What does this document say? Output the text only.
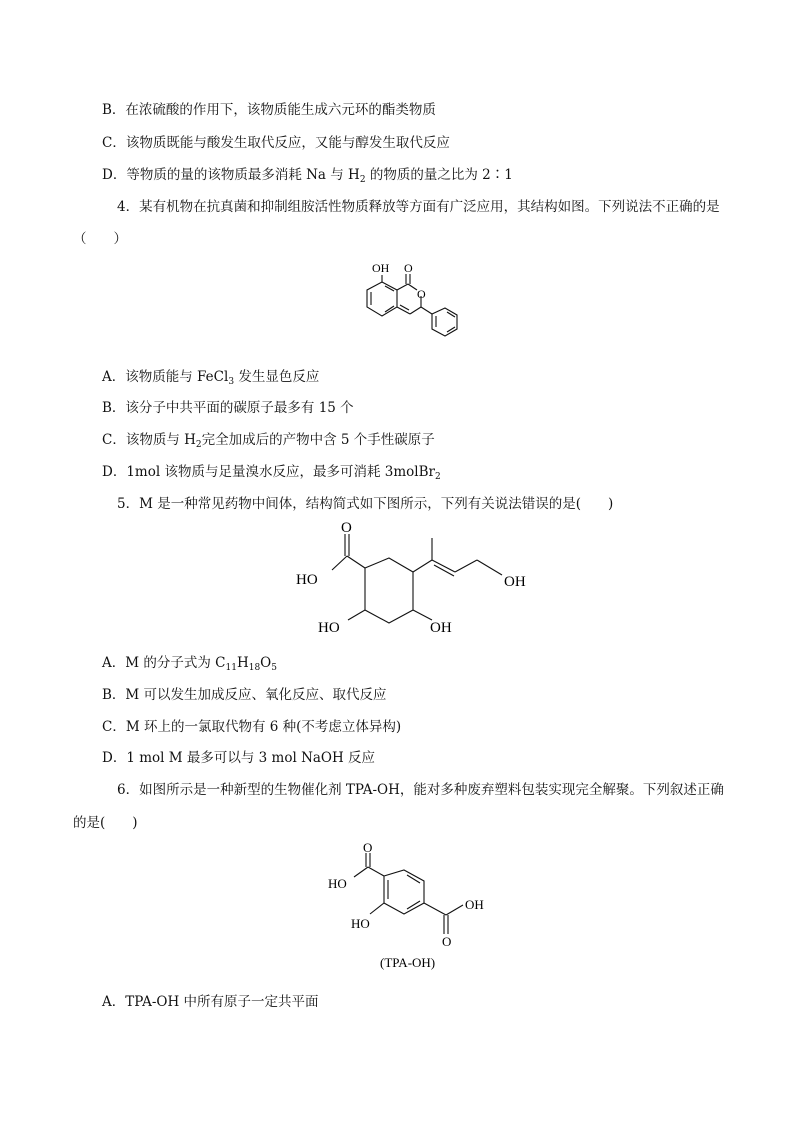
B．在浓硫酸的作用下，该物质能生成六元环的酯类物质
C．该物质既能与酸发生取代反应，又能与醇发生取代反应
D．等物质的量的该物质最多消耗 Na 与 $H_2$ 的物质的量之比为 2∶1
4．某有机物在抗真菌和抑制组胺活性物质释放等方面有广泛应用，其结构如图。下列说法不正确的是
（　　）
OH O
O
A．该物质能与 FeCl$_3$ 发生显色反应
B．该分子中共平面的碳原子最多有 15 个
C．该物质与 $H_2$完全加成后的产物中含 5 个手性碳原子
D．1mol 该物质与足量溴水反应，最多可消耗 3molBr$_2$
5．M 是一种常见药物中间体，结构简式如下图所示，下列有关说法错误的是(　　)
O
HO	OH
HO	OH
A．M 的分子式为 $C_{11}H_{18}O_5$
B．M 可以发生加成反应、氧化反应、取代反应
C．M 环上的一氯取代物有 6 种(不考虑立体异构)
D．1 mol M 最多可以与 3 mol NaOH 反应
6．如图所示是一种新型的生物催化剂 TPA-OH，能对多种废弃塑料包装实现完全解聚。下列叙述正确
的是(　　)
O
HO
HO
OH
O
(TPA-OH)
A．TPA-OH 中所有原子一定共平面
